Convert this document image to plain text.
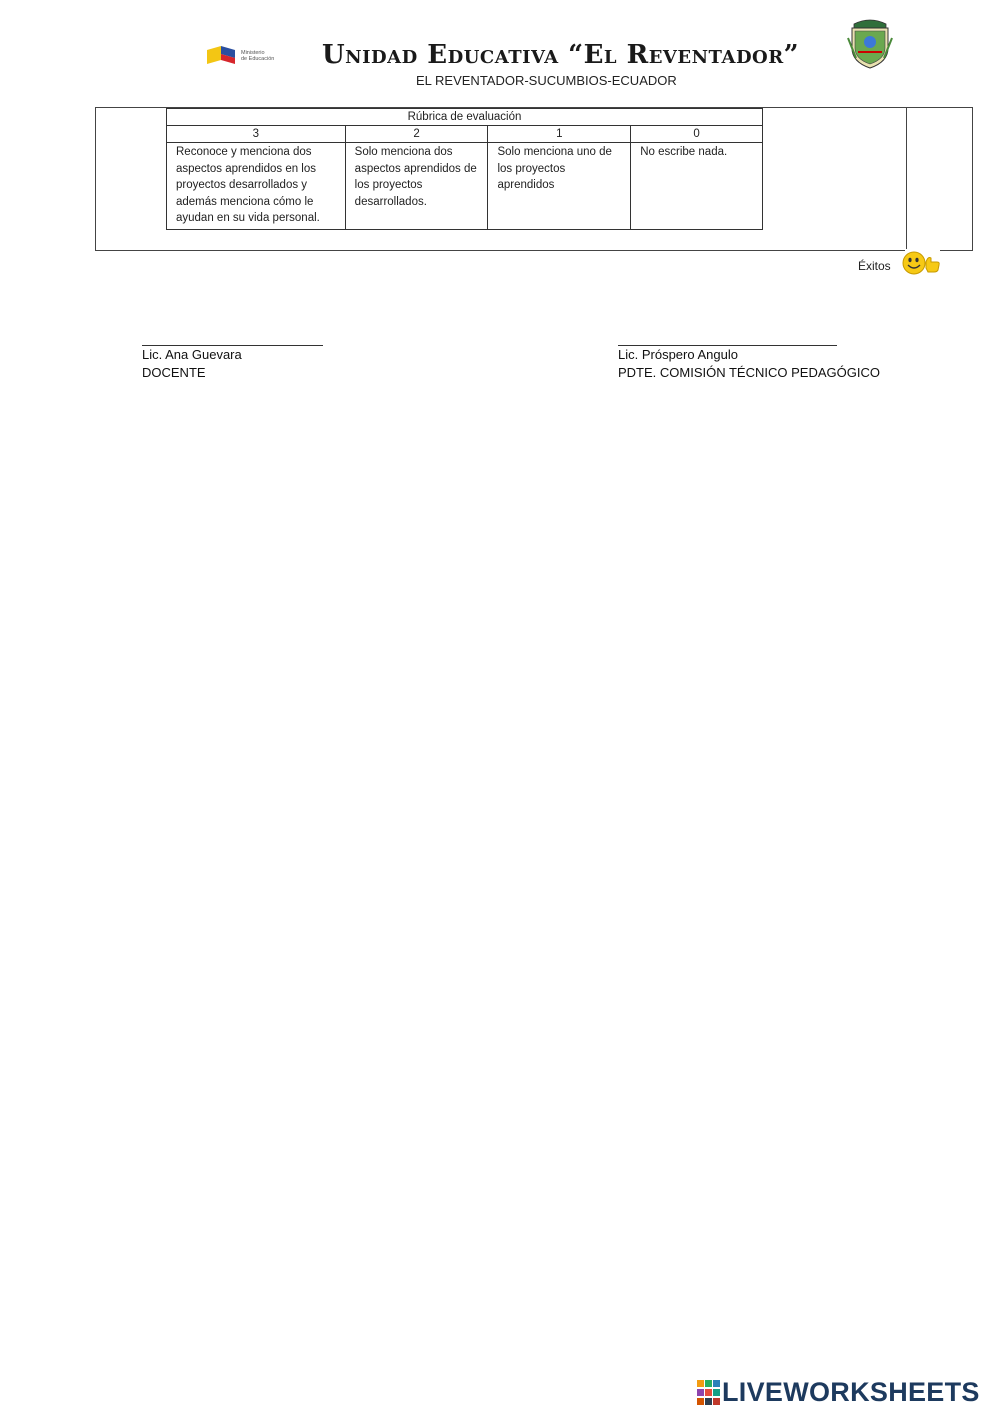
Ministerio
de Educación Unidad Educativa “El Reventador”
EL REVENTADOR-SUCUMBIOS-ECUADOR
Rúbrica de evaluación			
3	2	1	0
Reconoce y menciona dos aspectos aprendidos en los proyectos desarrollados y además menciona cómo le ayudan en su vida personal.	Solo menciona dos aspectos aprendidos de los proyectos desarrollados.	Solo menciona uno de los proyectos aprendidos	No escribe nada.
Éxitos
Lic. Ana Guevara
DOCENTE
Lic. Próspero Angulo
PDTE. COMISIÓN TÉCNICO PEDAGÓGICO
LIVEWORKSHEETS
